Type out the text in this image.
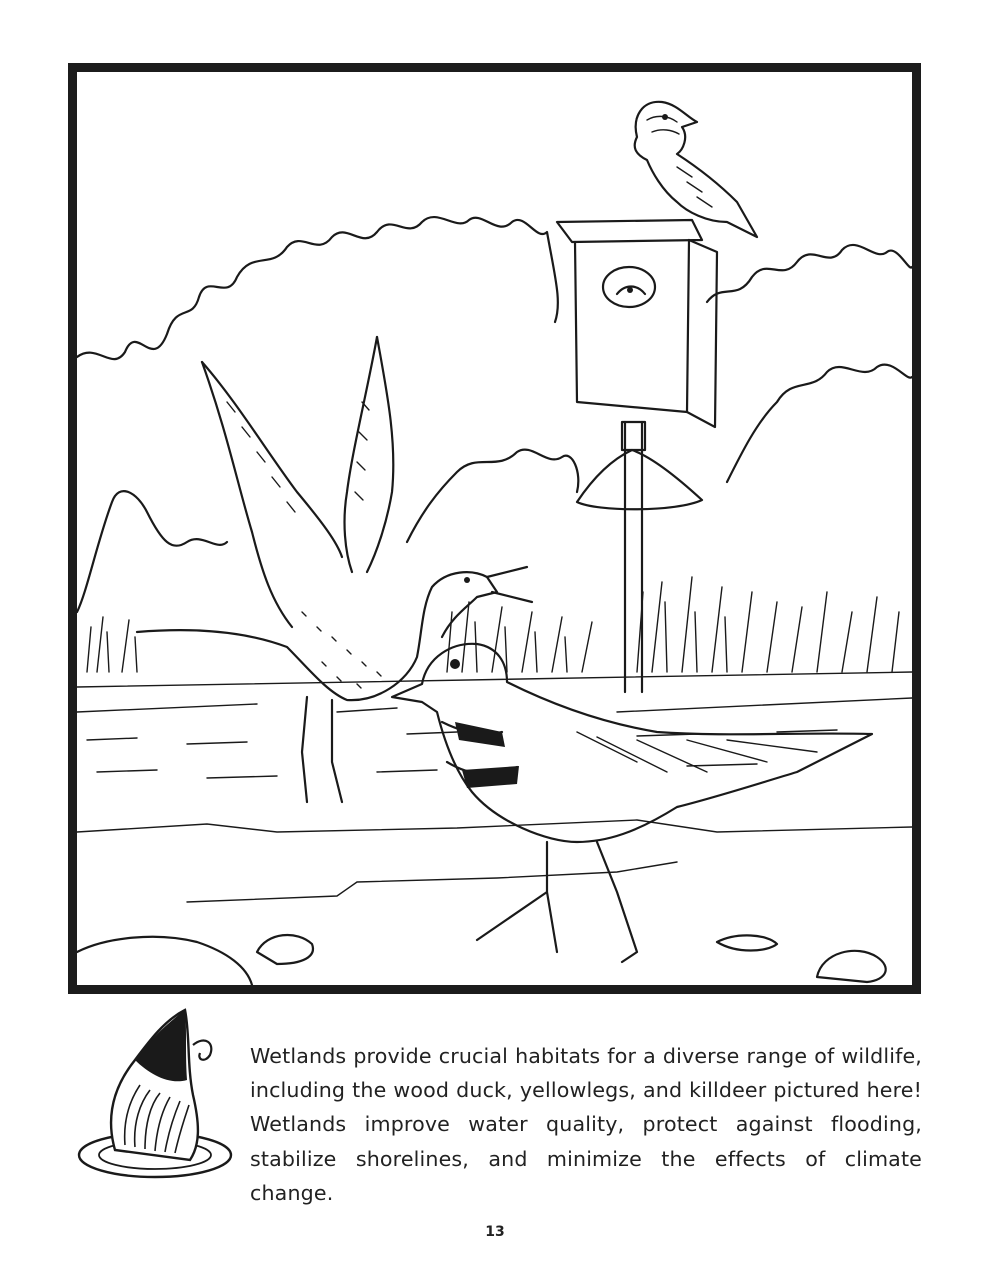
Wetlands provide crucial habitats for a diverse range of wildlife, including the wood duck, yellowlegs, and killdeer pictured here! Wetlands improve water quality, protect against flooding, stabilize shorelines, and minimize the effects of climate change.

13
